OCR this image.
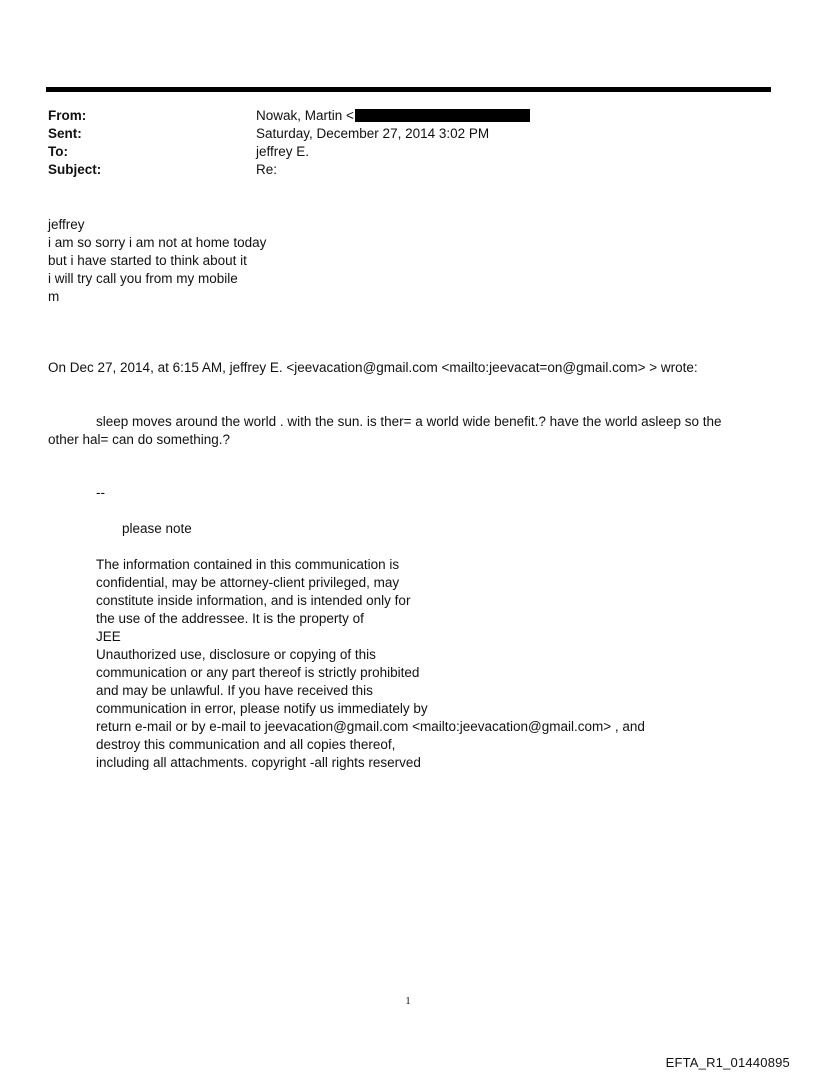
From:	Nowak, Martin <
Sent:	Saturday, December 27, 2014 3:02 PM
To:	jeffrey E.
Subject:	Re:
jeffrey
i am so sorry i am not at home today
but i have started to think about it
i will try call you from my mobile
m
On Dec 27, 2014, at 6:15 AM, jeffrey E. <jeevacation@gmail.com <mailto:jeevacat=on@gmail.com> > wrote:
sleep moves around the world . with the sun. is ther= a world wide benefit.? have the world asleep so the
other hal= can do something.?
--
please note
The information contained in this communication is
confidential, may be attorney-client privileged, may
constitute inside information, and is intended only for
the use of the addressee. It is the property of
JEE
Unauthorized use, disclosure or copying of this
communication or any part thereof is strictly prohibited
and may be unlawful. If you have received this
communication in error, please notify us immediately by
return e-mail or by e-mail to jeevacation@gmail.com <mailto:jeevacation@gmail.com> , and
destroy this communication and all copies thereof,
including all attachments. copyright -all rights reserved
1
EFTA_R1_01440895
